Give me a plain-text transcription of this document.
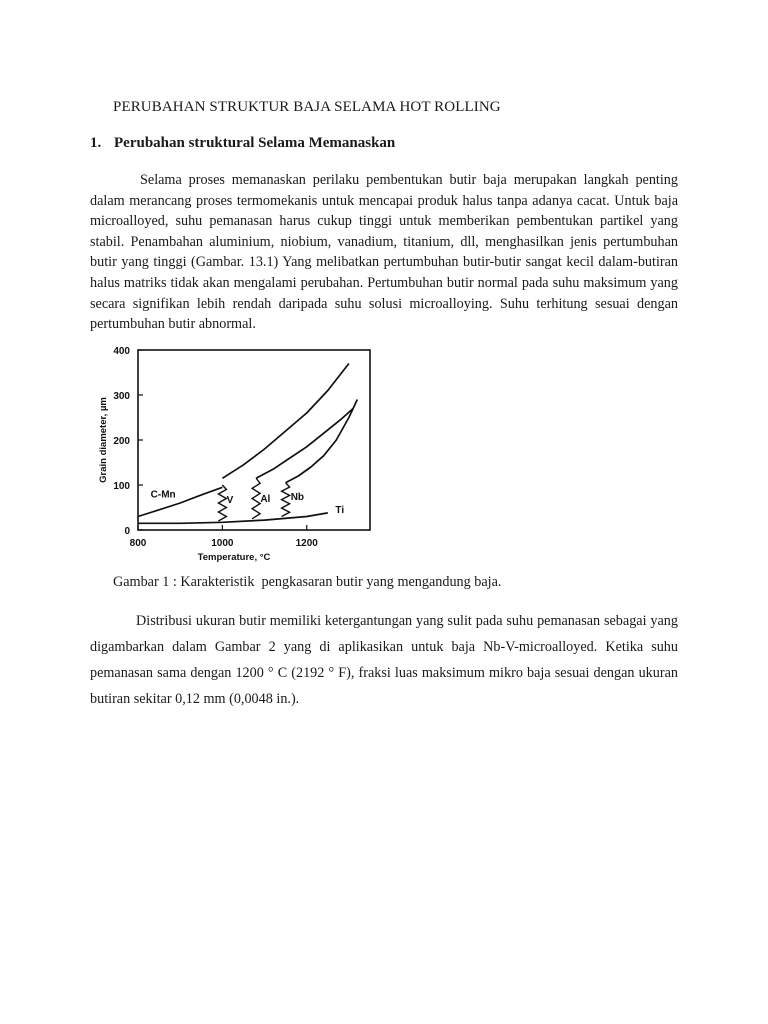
PERUBAHAN STRUKTUR BAJA SELAMA HOT ROLLING
1. Perubahan struktural Selama Memanaskan

Selama proses memanaskan perilaku pembentukan butir baja merupakan langkah penting dalam merancang proses termomekanis untuk mencapai produk halus tanpa adanya cacat. Untuk baja microalloyed, suhu pemanasan harus cukup tinggi untuk memberikan pembentukan partikel yang stabil. Penambahan aluminium, niobium, vanadium, titanium, dll, menghasilkan jenis pertumbuhan butir yang tinggi (Gambar. 13.1) Yang melibatkan pertumbuhan butir-butir sangat kecil dalam-butiran halus matriks tidak akan mengalami perubahan. Pertumbuhan butir normal pada suhu maksimum yang secara signifikan lebih rendah daripada suhu solusi microalloying. Suhu terhitung sesuai dengan pertumbuhan butir abnormal.

800	1000	1200
0
100
200
300
400
Temperature, °C
Grain diameter, µm
C-Mn	V	Al Nb
Ti
Gambar 1 : Karakteristik  pengkasaran butir yang mengandung baja.

Distribusi ukuran butir memiliki ketergantungan yang sulit pada suhu pemanasan sebagai yang digambarkan dalam Gambar 2 yang di aplikasikan untuk baja Nb-V-microalloyed. Ketika suhu pemanasan sama dengan 1200 ° C (2192 ° F), fraksi luas maksimum mikro baja sesuai dengan ukuran butiran sekitar 0,12 mm (0,0048 in.).
